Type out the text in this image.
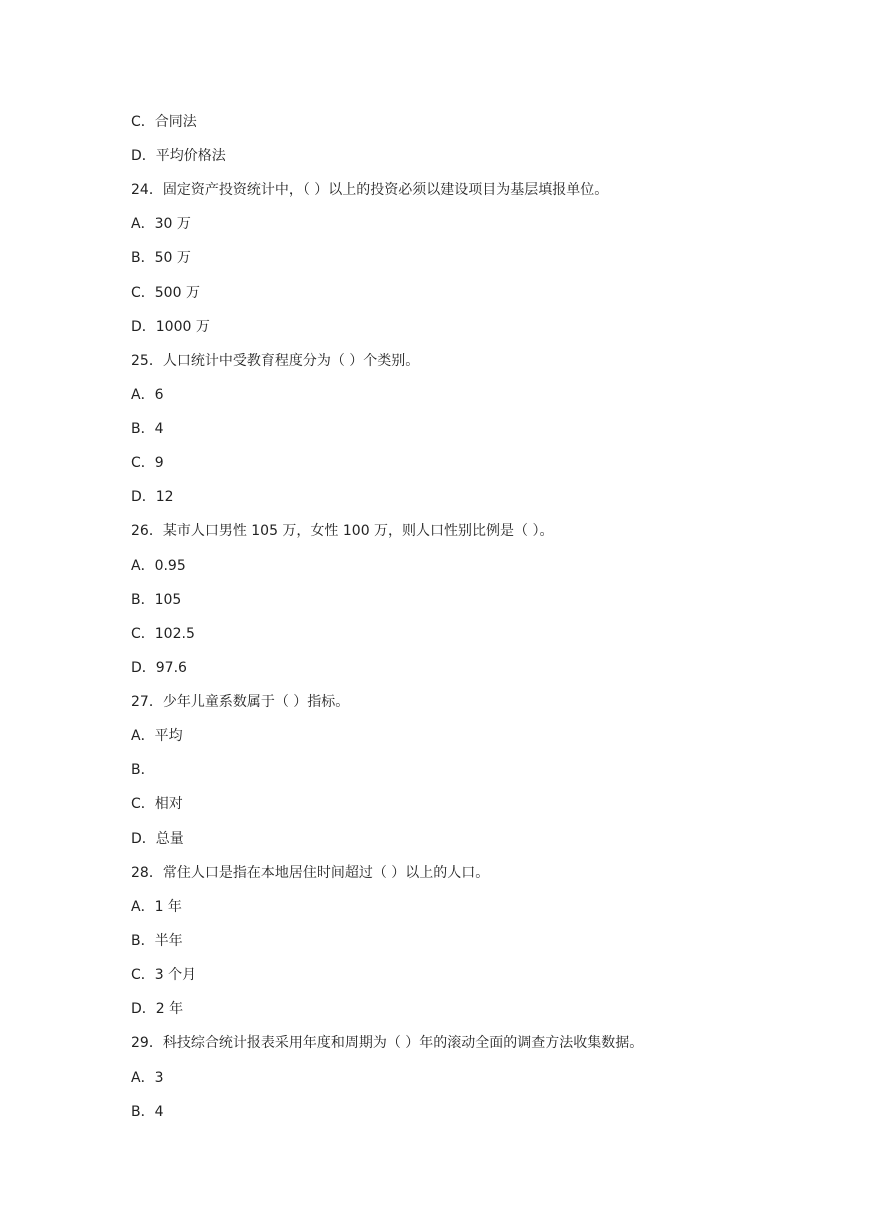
C．合同法
D．平均价格法
24．固定资产投资统计中，（ ）以上的投资必须以建设项目为基层填报单位。
A．30 万
B．50 万
C．500 万
D．1000 万
25．人口统计中受教育程度分为（ ）个类别。
A．6
B．4
C．9
D．12
26．某市人口男性 105 万，女性 100 万，则人口性别比例是（ ）。
A．0.95
B．105
C．102.5
D．97.6
27．少年儿童系数属于（ ）指标。
A．平均
B．
C．相对
D．总量
28．常住人口是指在本地居住时间超过（ ）以上的人口。
A．1 年
B．半年
C．3 个月
D．2 年
29．科技综合统计报表采用年度和周期为（ ）年的滚动全面的调查方法收集数据。
A．3
B．4
